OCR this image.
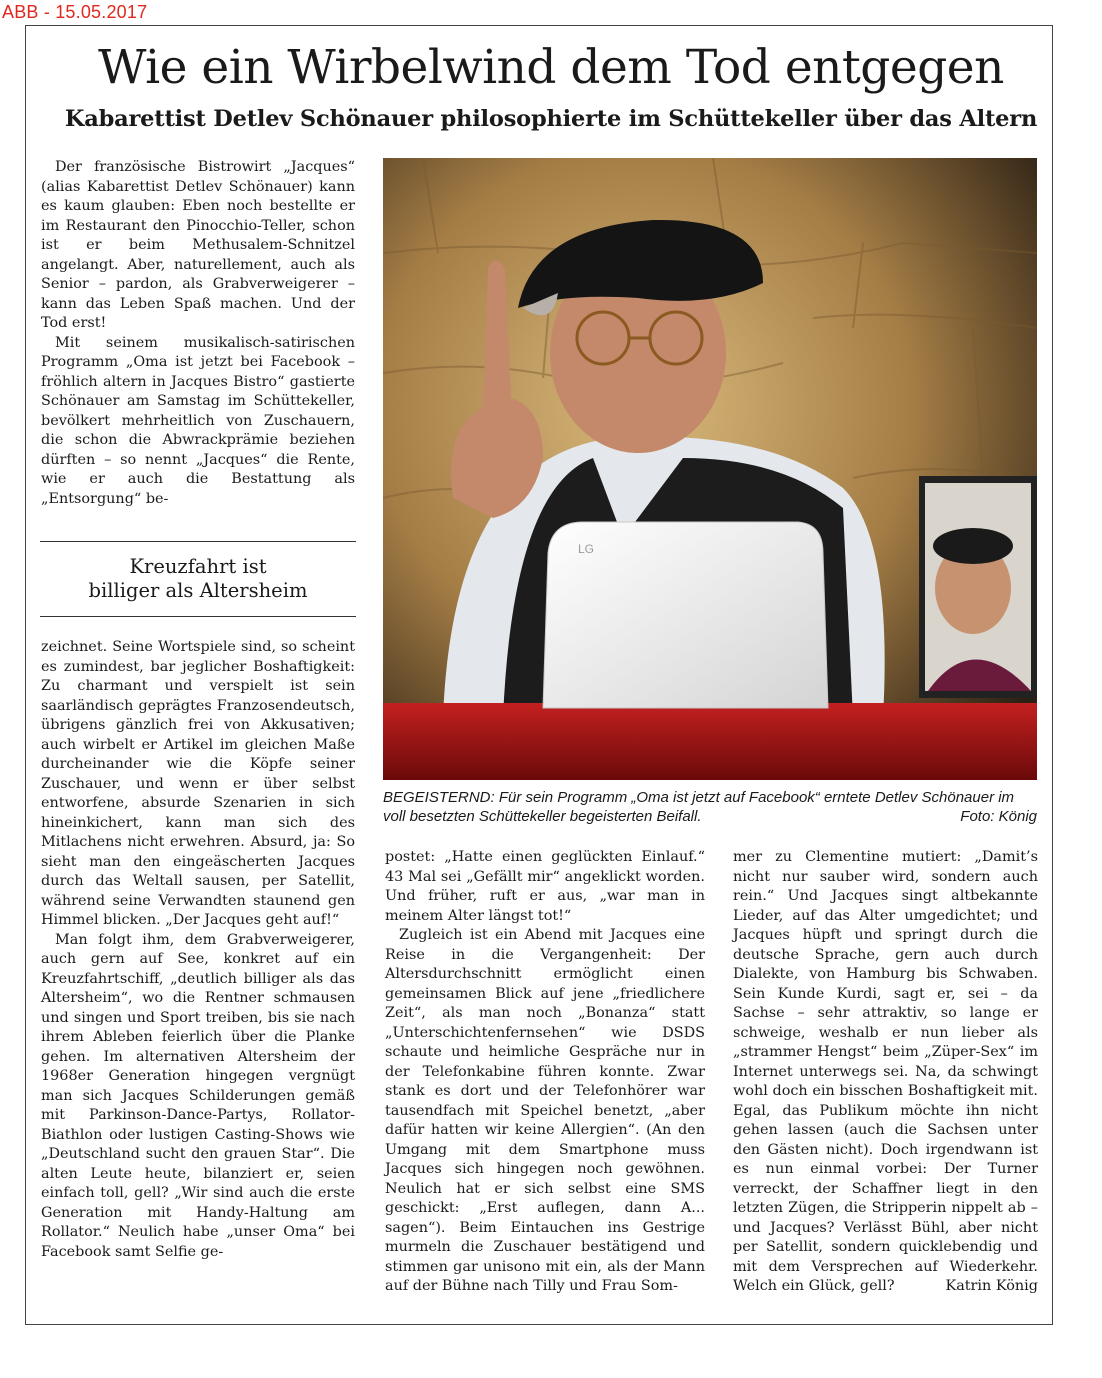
ABB - 15.05.2017
Wie ein Wirbelwind dem Tod entgegen
Kabarettist Detlev Schönauer philosophierte im Schüttekeller über das Altern

Der französische Bistrowirt „Jacques“ (alias Kabarettist Detlev Schönauer) kann es kaum glauben: Eben noch bestellte er im Restaurant den Pinocchio-Teller, schon ist er beim Methusalem-Schnitzel angelangt. Aber, naturellement, auch als Senior – pardon, als Grabverweigerer – kann das Leben Spaß machen. Und der Tod erst!

Mit seinem musikalisch-satirischen Programm „Oma ist jetzt bei Facebook – fröhlich altern in Jacques Bistro“ gastierte Schönauer am Samstag im Schüttekeller, bevölkert mehrheitlich von Zuschauern, die schon die Abwrackprämie beziehen dürften – so nennt „Jacques“ die Rente, wie er auch die Bestattung als „Entsorgung“ be-

Kreuzfahrt ist
billiger als Altersheim

zeichnet. Seine Wortspiele sind, so scheint es zumindest, bar jeglicher Boshaftigkeit: Zu charmant und verspielt ist sein saarländisch geprägtes Franzosendeutsch, übrigens gänzlich frei von Akkusativen; auch wirbelt er Artikel im gleichen Maße durcheinander wie die Köpfe seiner Zuschauer, und wenn er über selbst entworfene, absurde Szenarien in sich hineinkichert, kann man sich des Mitlachens nicht erwehren. Absurd, ja: So sieht man den eingeäscherten Jacques durch das Weltall sausen, per Satellit, während seine Verwandten staunend gen Himmel blicken. „Der Jacques geht auf!“

Man folgt ihm, dem Grabverweigerer, auch gern auf See, konkret auf ein Kreuzfahrtschiff, „deutlich billiger als das Altersheim“, wo die Rentner schmausen und singen und Sport treiben, bis sie nach ihrem Ableben feierlich über die Planke gehen. Im alternativen Altersheim der 1968er Generation hingegen vergnügt man sich Jacques Schilderungen gemäß mit Parkinson-Dance-Partys, Rollator-Biathlon oder lustigen Casting-Shows wie „Deutschland sucht den grauen Star“. Die alten Leute heute, bilanziert er, seien einfach toll, gell? „Wir sind auch die erste Generation mit Handy-Haltung am Rollator.“ Neulich habe „unser Oma“ bei Facebook samt Selfie ge-

LG
BEGEISTERND: Für sein Programm „Oma ist jetzt auf Facebook“ erntete Detlev Schönauer im voll besetzten Schüttekeller begeisterten Beifall.	Foto: König

postet: „Hatte einen geglückten Einlauf.“ 43 Mal sei „Gefällt mir“ angeklickt worden. Und früher, ruft er aus, „war man in meinem Alter längst tot!“

Zugleich ist ein Abend mit Jacques eine Reise in die Vergangenheit: Der Altersdurchschnitt ermöglicht einen gemeinsamen Blick auf jene „friedlichere Zeit“, als man noch „Bonanza“ statt „Unterschichtenfernsehen“ wie DSDS schaute und heimliche Gespräche nur in der Telefonkabine führen konnte. Zwar stank es dort und der Telefonhörer war tausendfach mit Speichel benetzt, „aber dafür hatten wir keine Allergien“. (An den Umgang mit dem Smartphone muss Jacques sich hingegen noch gewöhnen. Neulich hat er sich selbst eine SMS geschickt: „Erst auflegen, dann A... sagen“). Beim Eintauchen ins Gestrige murmeln die Zuschauer bestätigend und stimmen gar unisono mit ein, als der Mann auf der Bühne nach Tilly und Frau Som-

mer zu Clementine mutiert: „Damit’s nicht nur sauber wird, sondern auch rein.“ Und Jacques singt altbekannte Lieder, auf das Alter umgedichtet; und Jacques hüpft und springt durch die deutsche Sprache, gern auch durch Dialekte, von Hamburg bis Schwaben. Sein Kunde Kurdi, sagt er, sei – da Sachse – sehr attraktiv, so lange er schweige, weshalb er nun lieber als „strammer Hengst“ beim „Züper-Sex“ im Internet unterwegs sei. Na, da schwingt wohl doch ein bisschen Boshaftigkeit mit. Egal, das Publikum möchte ihn nicht gehen lassen (auch die Sachsen unter den Gästen nicht). Doch irgendwann ist es nun einmal vorbei: Der Turner verreckt, der Schaffner liegt in den letzten Zügen, die Stripperin nippelt ab – und Jacques? Verlässt Bühl, aber nicht per Satellit, sondern quicklebendig und mit dem Versprechen auf Wiederkehr. Welch ein Glück, gell?	Katrin König
